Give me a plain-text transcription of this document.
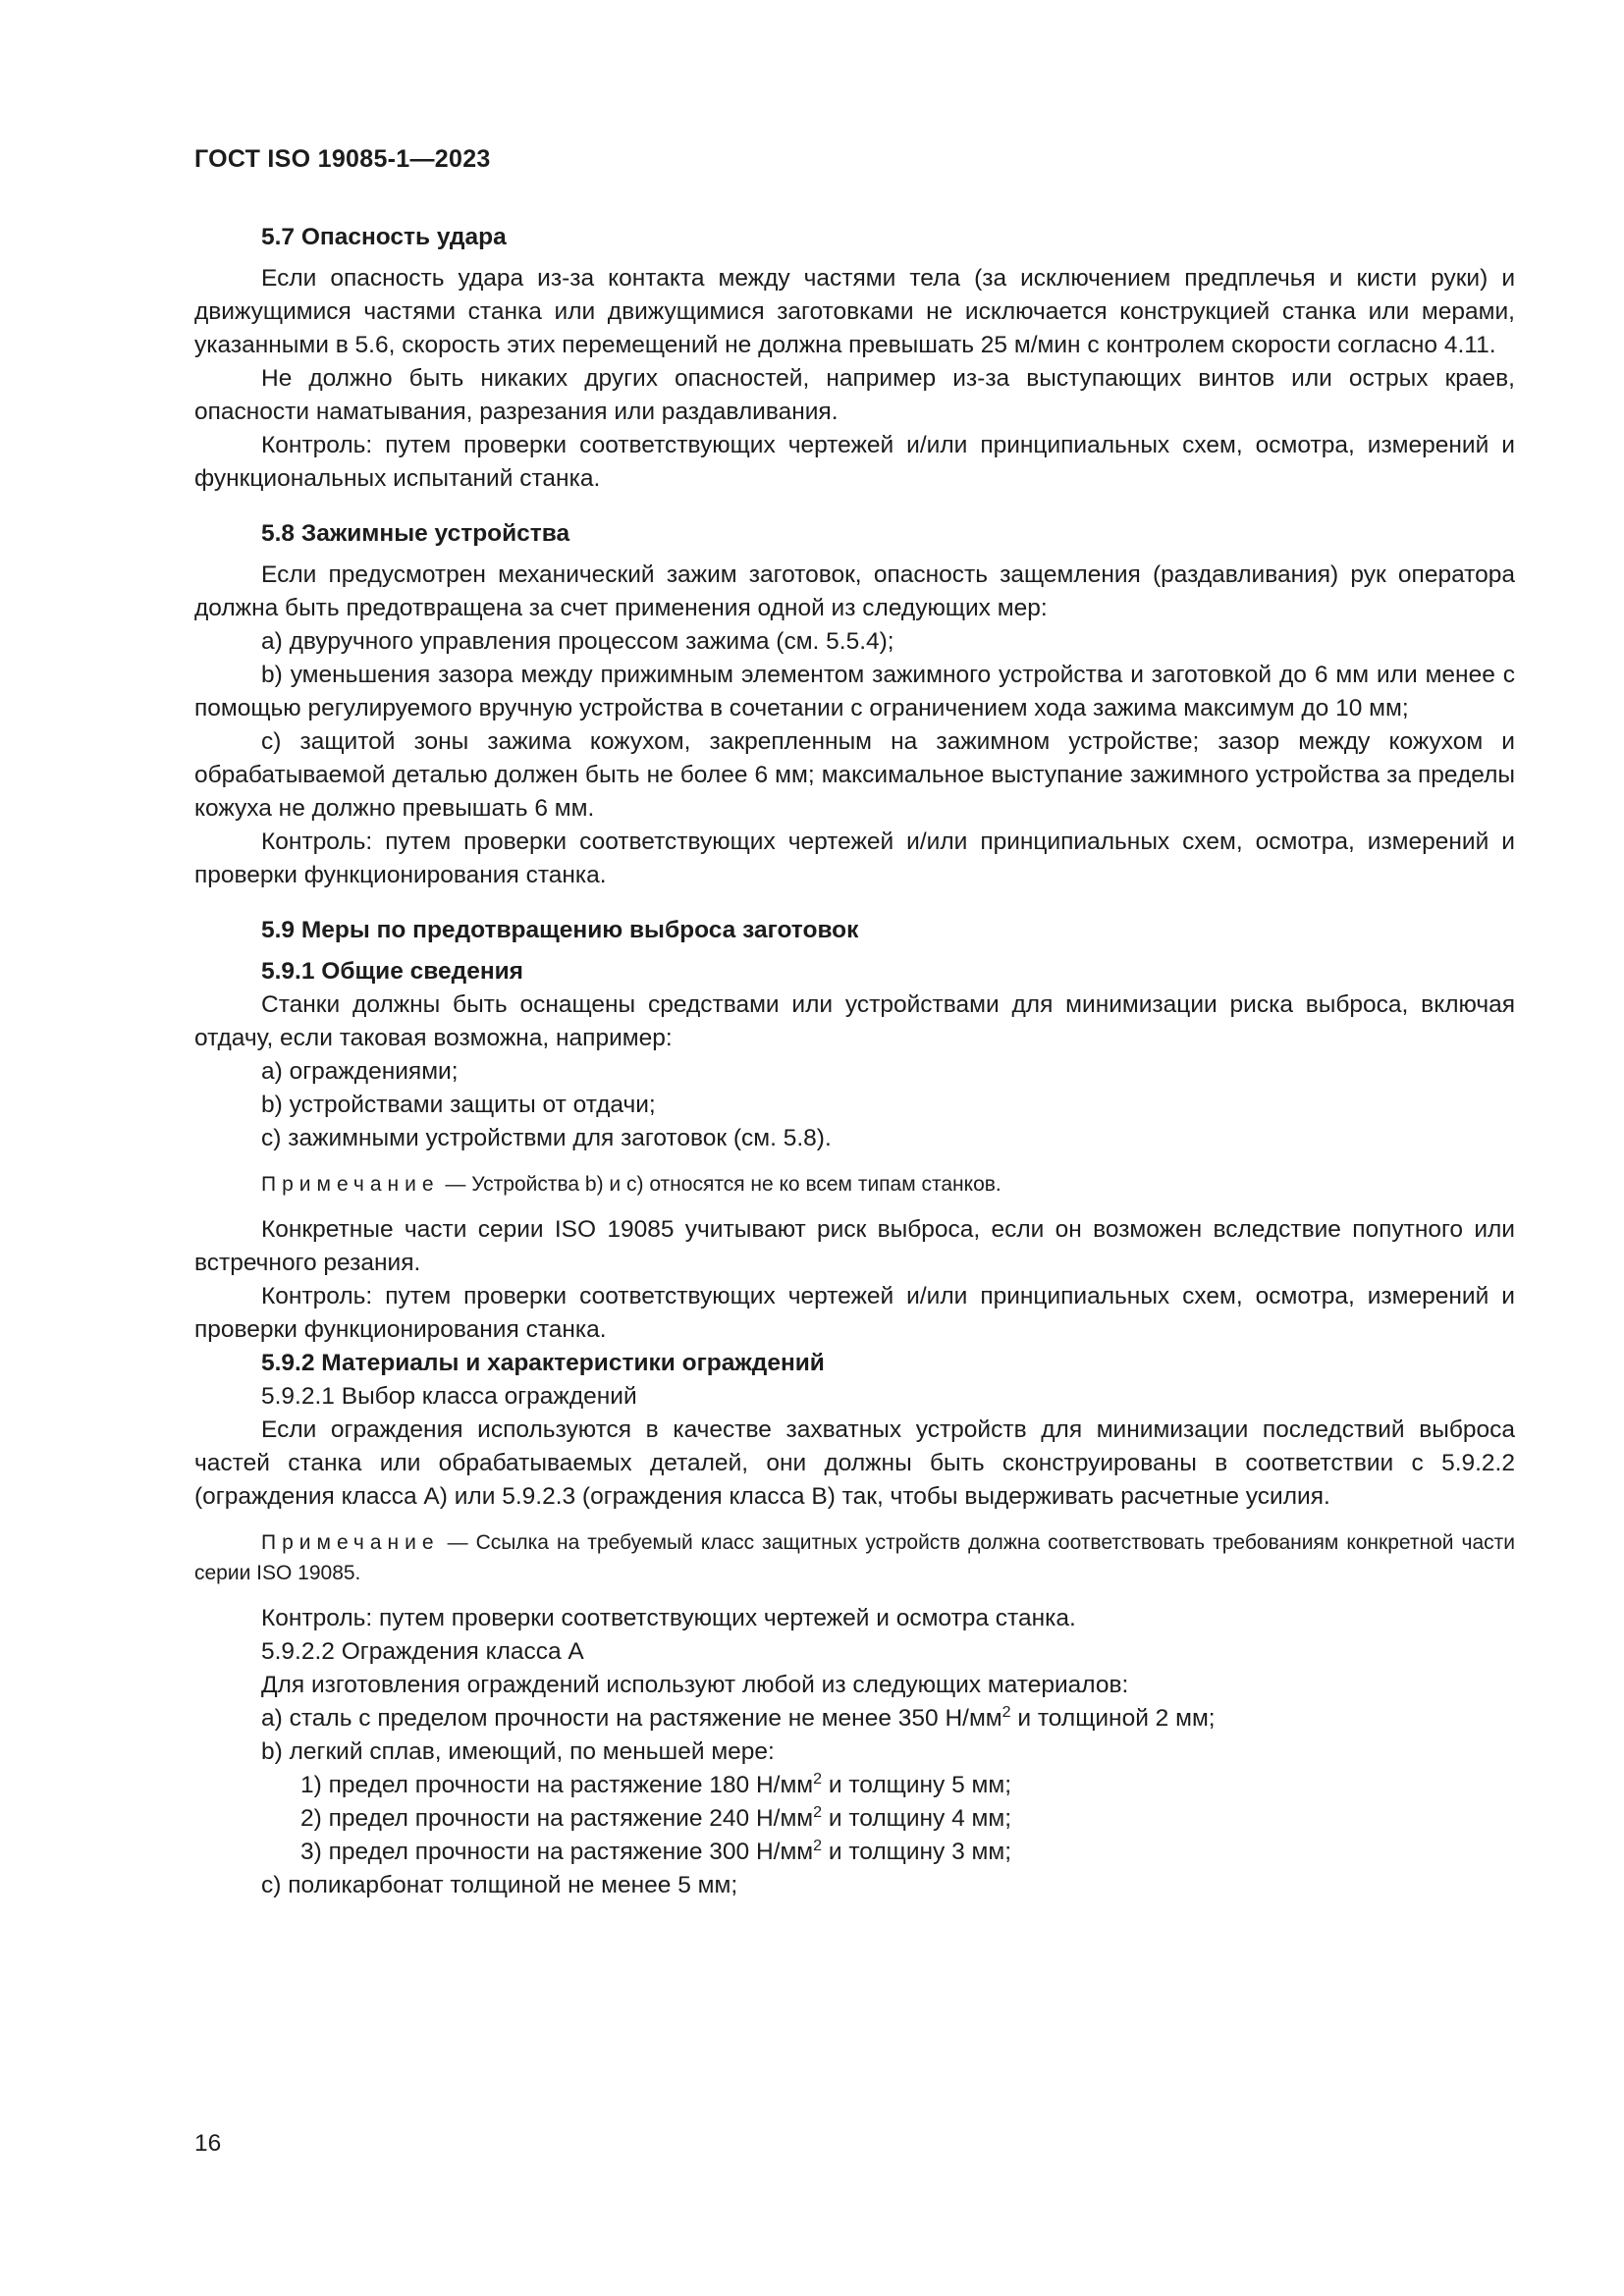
ГОСТ ISO 19085-1—2023

5.7 Опасность удара

Если опасность удара из-за контакта между частями тела (за исключением предплечья и кисти руки) и движущимися частями станка или движущимися заготовками не исключается конструкцией станка или мерами, указанными в 5.6, скорость этих перемещений не должна превышать 25 м/мин с контролем скорости согласно 4.11.

Не должно быть никаких других опасностей, например из-за выступающих винтов или острых краев, опасности наматывания, разрезания или раздавливания.

Контроль: путем проверки соответствующих чертежей и/или принципиальных схем, осмотра, измерений и функциональных испытаний станка.

5.8 Зажимные устройства

Если предусмотрен механический зажим заготовок, опасность защемления (раздавливания) рук оператора должна быть предотвращена за счет применения одной из следующих мер:

a) двуручного управления процессом зажима (см. 5.5.4);

b) уменьшения зазора между прижимным элементом зажимного устройства и заготовкой до 6 мм или менее с помощью регулируемого вручную устройства в сочетании с ограничением хода зажима максимум до 10 мм;

c) защитой зоны зажима кожухом, закрепленным на зажимном устройстве; зазор между кожухом и обрабатываемой деталью должен быть не более 6 мм; максимальное выступание зажимного устройства за пределы кожуха не должно превышать 6 мм.

Контроль: путем проверки соответствующих чертежей и/или принципиальных схем, осмотра, измерений и проверки функционирования станка.

5.9 Меры по предотвращению выброса заготовок

5.9.1 Общие сведения

Станки должны быть оснащены средствами или устройствами для минимизации риска выброса, включая отдачу, если таковая возможна, например:

a) ограждениями;

b) устройствами защиты от отдачи;

c) зажимными устройствми для заготовок (см. 5.8).

Примечание — Устройства b) и c) относятся не ко всем типам станков.

Конкретные части серии ISO 19085 учитывают риск выброса, если он возможен вследствие попутного или встречного резания.

Контроль: путем проверки соответствующих чертежей и/или принципиальных схем, осмотра, измерений и проверки функционирования станка.

5.9.2 Материалы и характеристики ограждений

5.9.2.1 Выбор класса ограждений

Если ограждения используются в качестве захватных устройств для минимизации последствий выброса частей станка или обрабатываемых деталей, они должны быть сконструированы в соответствии с 5.9.2.2 (ограждения класса A) или 5.9.2.3 (ограждения класса B) так, чтобы выдерживать расчетные усилия.

Примечание — Ссылка на требуемый класс защитных устройств должна соответствовать требованиям конкретной части серии ISO 19085.

Контроль: путем проверки соответствующих чертежей и осмотра станка.

5.9.2.2 Ограждения класса A

Для изготовления ограждений используют любой из следующих материалов:

a) сталь с пределом прочности на растяжение не менее 350 $Н/мм^2$ и толщиной 2 мм;

b) легкий сплав, имеющий, по меньшей мере:

1) предел прочности на растяжение 180 $Н/мм^2$ и толщину 5 мм;

2) предел прочности на растяжение 240 $Н/мм^2$ и толщину 4 мм;

3) предел прочности на растяжение 300 $Н/мм^2$ и толщину 3 мм;

c) поликарбонат толщиной не менее 5 мм;

16
